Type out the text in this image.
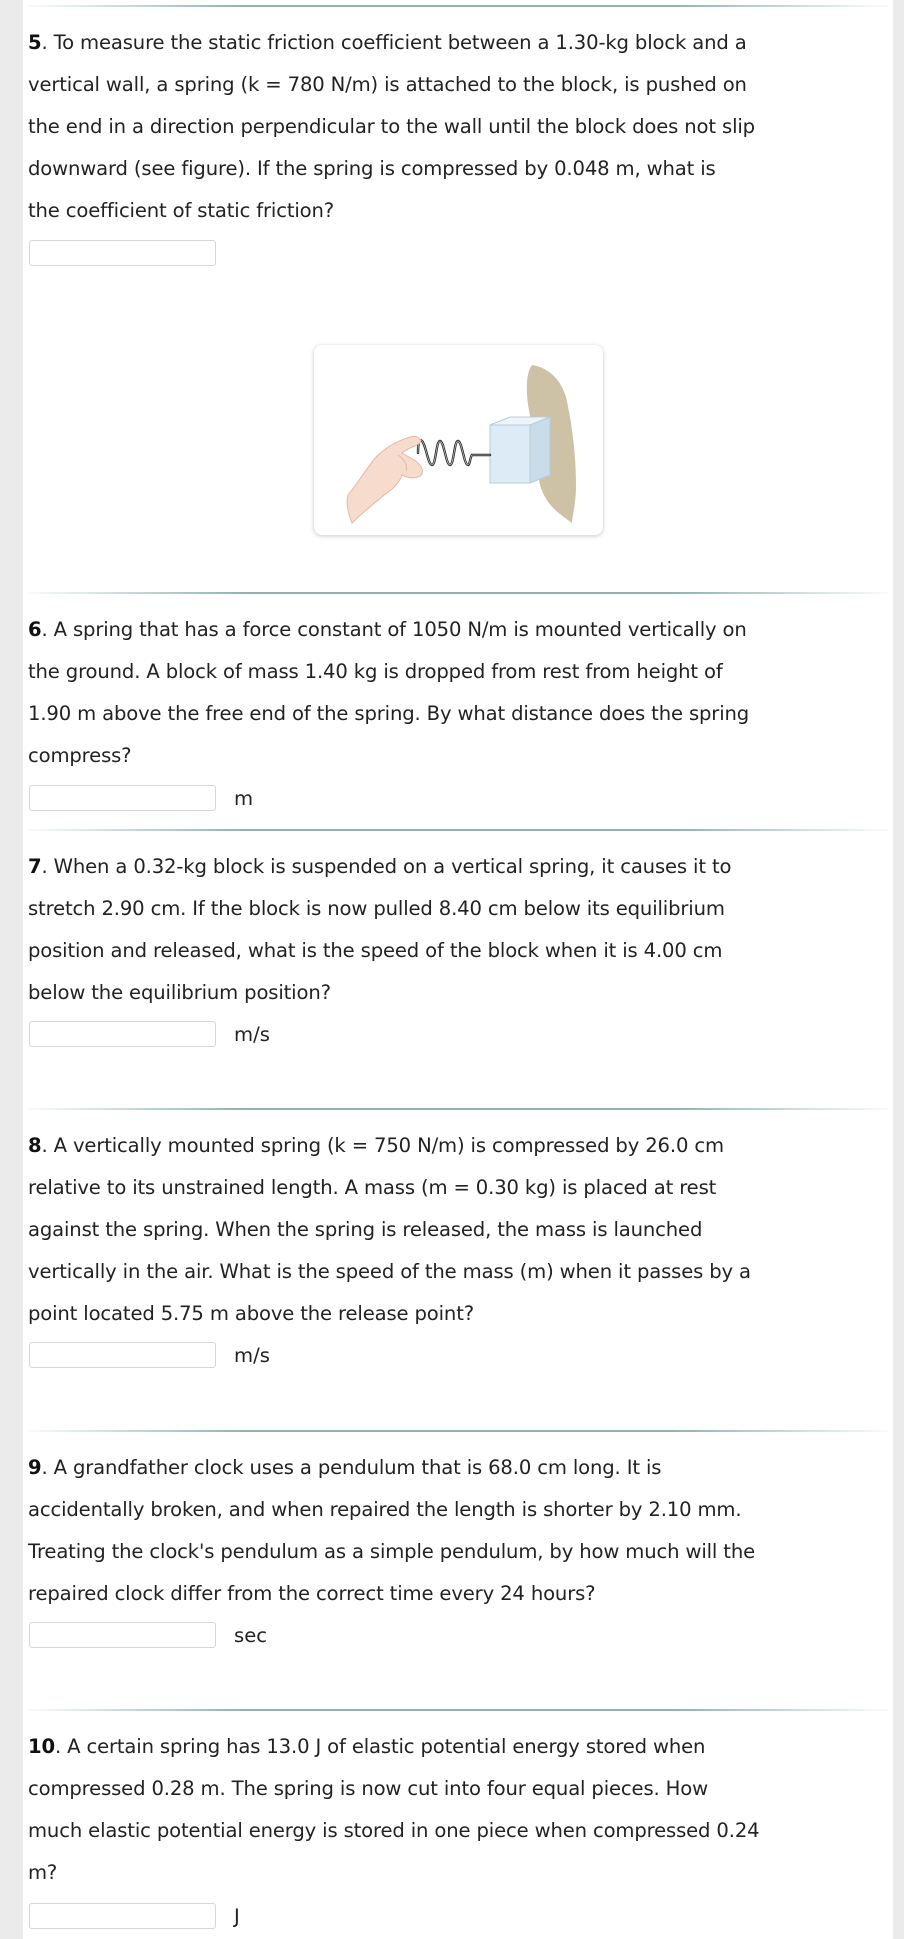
5. To measure the static friction coefficient between a 1.30-kg block and a
vertical wall, a spring (k = 780 N/m) is attached to the block, is pushed on
the end in a direction perpendicular to the wall until the block does not slip
downward (see figure). If the spring is compressed by 0.048 m, what is
the coefficient of static friction?
6. A spring that has a force constant of 1050 N/m is mounted vertically on
the ground. A block of mass 1.40 kg is dropped from rest from height of
1.90 m above the free end of the spring. By what distance does the spring
compress?
m
7. When a 0.32-kg block is suspended on a vertical spring, it causes it to
stretch 2.90 cm. If the block is now pulled 8.40 cm below its equilibrium
position and released, what is the speed of the block when it is 4.00 cm
below the equilibrium position?
m/s
8. A vertically mounted spring (k = 750 N/m) is compressed by 26.0 cm
relative to its unstrained length. A mass (m = 0.30 kg) is placed at rest
against the spring. When the spring is released, the mass is launched
vertically in the air. What is the speed of the mass (m) when it passes by a
point located 5.75 m above the release point?
m/s
9. A grandfather clock uses a pendulum that is 68.0 cm long. It is
accidentally broken, and when repaired the length is shorter by 2.10 mm.
Treating the clock's pendulum as a simple pendulum, by how much will the
repaired clock differ from the correct time every 24 hours?
sec
10. A certain spring has 13.0 J of elastic potential energy stored when
compressed 0.28 m. The spring is now cut into four equal pieces. How
much elastic potential energy is stored in one piece when compressed 0.24
m?
J
